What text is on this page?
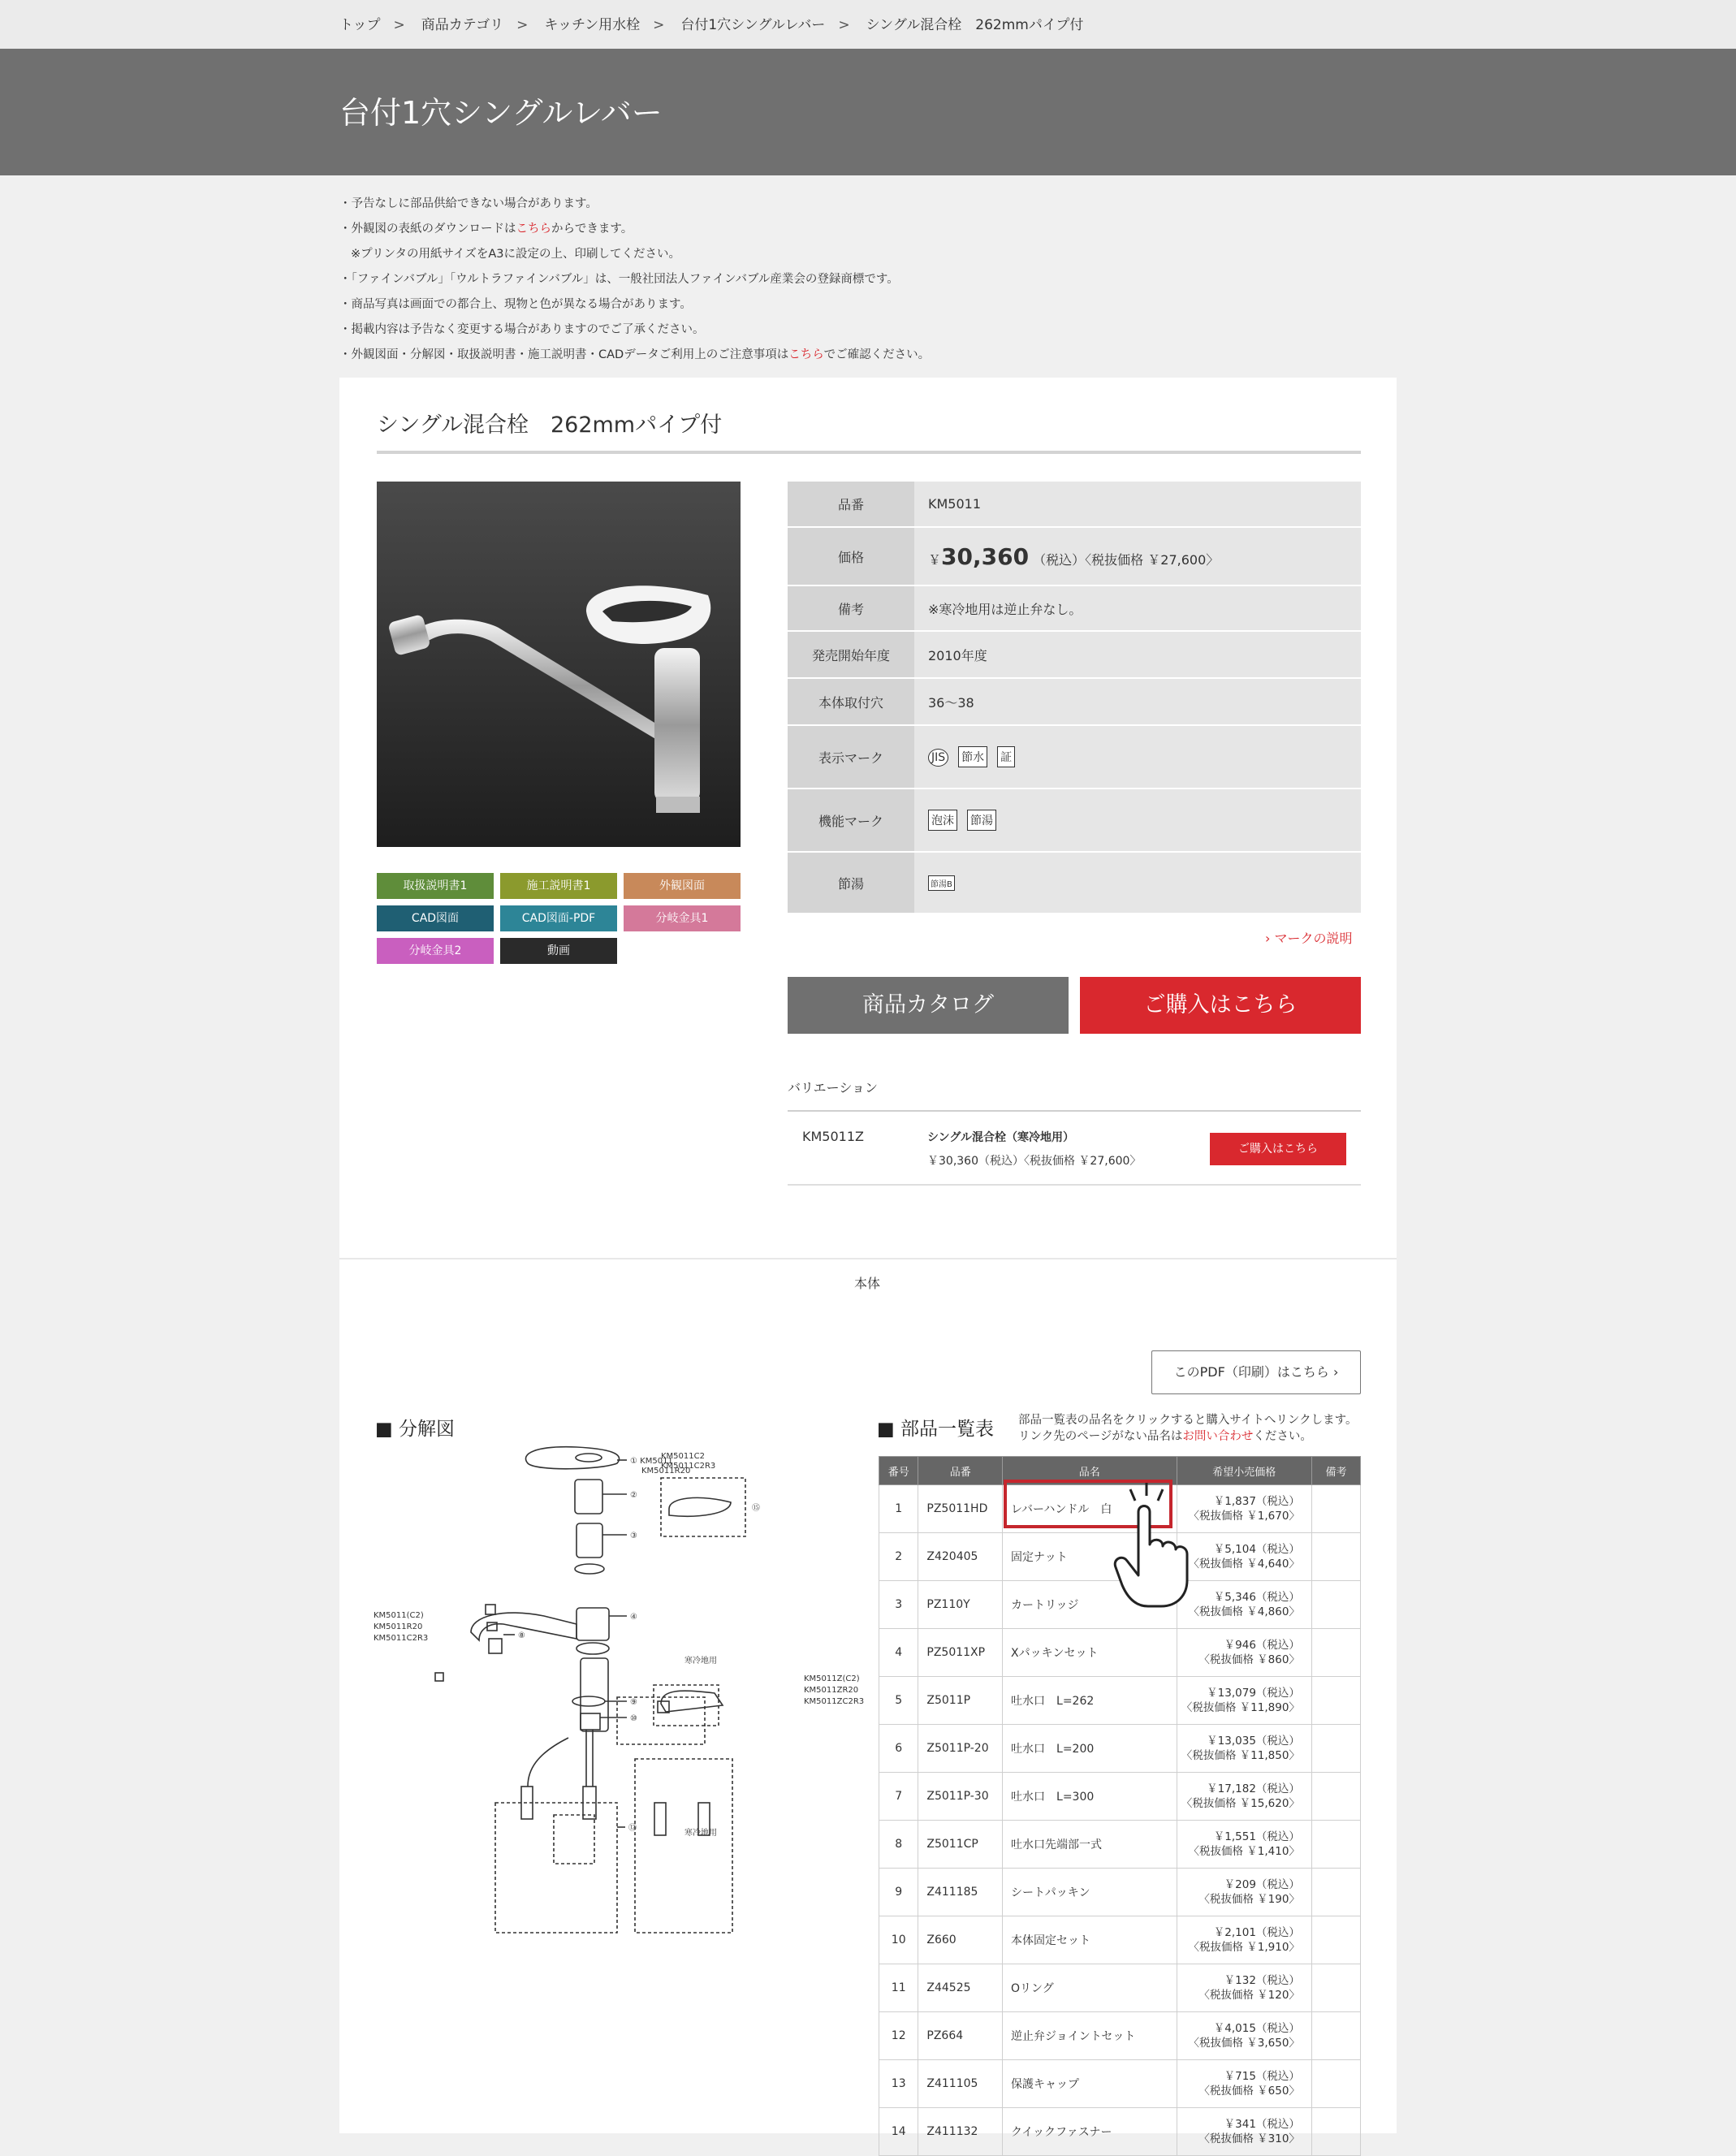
トップ > 商品カテゴリ > キッチン用水栓 > 台付1穴シングルレバー > シングル混合栓　262mmパイプ付
台付1穴シングルレバー
・予告なしに部品供給できない場合があります。
・外観図の表紙のダウンロードはこちらからできます。
※プリンタの用紙サイズをA3に設定の上、印刷してください。
・「ファインバブル」「ウルトラファインバブル」は、一般社団法人ファインバブル産業会の登録商標です。
・商品写真は画面での都合上、現物と色が異なる場合があります。
・掲載内容は予告なく変更する場合がありますのでご了承ください。
・外観図面・分解図・取扱説明書・施工説明書・CADデータご利用上のご注意事項はこちらでご確認ください。
シングル混合栓　262mmパイプ付
取扱説明書1	施工説明書1	外観図面
CAD図面	CAD図面-PDF	分岐金具1
分岐金具2	動画
品番	KM5011
価格	￥30,360 （税込）〈税抜価格 ￥27,600〉
備考	※寒冷地用は逆止弁なし。
発売開始年度	2010年度
本体取付穴	36～38
表示マーク	JIS 節水 証
機能マーク	泡沫 節湯
節湯	節湯B
› マークの説明
商品カタログ	ご購入はこちら
バリエーション
KM5011Z	シングル混合栓（寒冷地用）
￥30,360（税込）〈税抜価格 ￥27,600〉
ご購入はこちら
本体
このPDF（印刷）はこちら ›
■ 分解図	■ 部品一覧表 部品一覧表の品名をクリックすると購入サイトへリンクします。
リンク先のページがない品名はお問い合わせください。
① KM5011
KM5011R20
KM5011C2
KM5011C2R3
②
③
④
⑧
⑨
⑩
⑫
KM5011(C2)
KM5011R20
KM5011C2R3
寒冷地用
KM5011Z(C2)
KM5011ZR20
KM5011ZC2R3
寒冷地用
⑮
番号	品番	品名	希望小売価格	備考
1	PZ5011HD	レバーハンドル　白	￥1,837（税込）
〈税抜価格 ￥1,670〉	

2	Z420405	固定ナット	￥5,104（税込）
〈税抜価格 ￥4,640〉	

3	PZ110Y	カートリッジ	￥5,346（税込）
〈税抜価格 ￥4,860〉	

4	PZ5011XP	Xパッキンセット	￥946（税込）
〈税抜価格 ￥860〉	

5	Z5011P	吐水口　L=262	￥13,079（税込）
〈税抜価格 ￥11,890〉	

6	Z5011P-20	吐水口　L=200	￥13,035（税込）
〈税抜価格 ￥11,850〉	

7	Z5011P-30	吐水口　L=300	￥17,182（税込）
〈税抜価格 ￥15,620〉	

8	Z5011CP	吐水口先端部一式	￥1,551（税込）
〈税抜価格 ￥1,410〉	

9	Z411185	シートパッキン	￥209（税込）
〈税抜価格 ￥190〉	

10	Z660	本体固定セット	￥2,101（税込）
〈税抜価格 ￥1,910〉	

11	Z44525	Oリング	￥132（税込）
〈税抜価格 ￥120〉	

12	PZ664	逆止弁ジョイントセット	￥4,015（税込）
〈税抜価格 ￥3,650〉	

13	Z411105	保護キャップ	￥715（税込）
〈税抜価格 ￥650〉	

14	Z411132	クイックファスナー	￥341（税込）
〈税抜価格 ￥310〉	
